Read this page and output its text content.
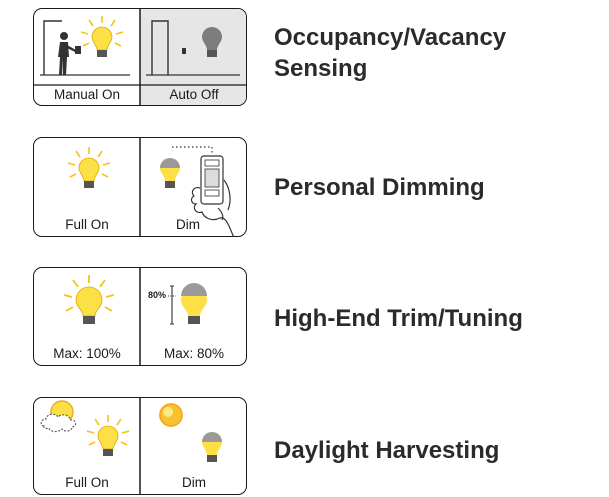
Manual On	Auto Off
Occupancy/Vacancy
Sensing
Full On	Dim
Personal Dimming
80%
Max: 100%	Max: 80%
High-End Trim/Tuning
Full On	Dim
Daylight Harvesting
